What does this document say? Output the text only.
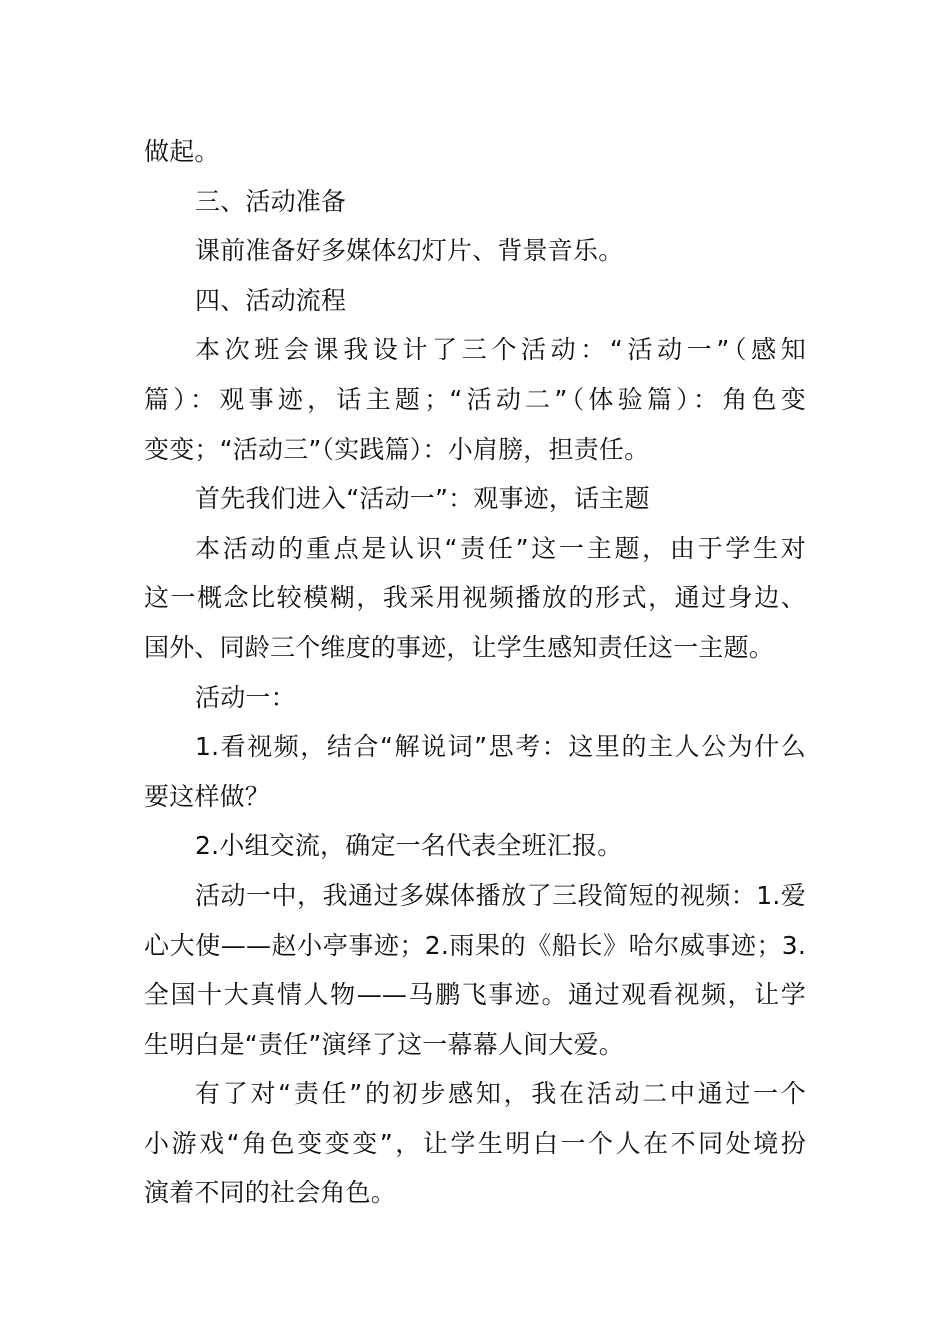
做起。
三、活动准备
课前准备好多媒体幻灯片、背景音乐。
四、活动流程
本次班会课我设计了三个活动：“活动一”（感知
篇）：观事迹，话主题；“活动二”（体验篇）：角色变
变变；“活动三”（实践篇）：小肩膀，担责任。
首先我们进入“活动一”：观事迹，话主题
本活动的重点是认识“责任”这一主题，由于学生对
这一概念比较模糊，我采用视频播放的形式，通过身边、
国外、同龄三个维度的事迹，让学生感知责任这一主题。
活动一：
1.看视频，结合“解说词”思考：这里的主人公为什么
要这样做？
2.小组交流，确定一名代表全班汇报。
活动一中，我通过多媒体播放了三段简短的视频：1.爱
心大使——赵小亭事迹；2.雨果的《船长》哈尔威事迹；3.
全国十大真情人物——马鹏飞事迹。通过观看视频，让学
生明白是“责任”演绎了这一幕幕人间大爱。
有了对“责任”的初步感知，我在活动二中通过一个
小游戏“角色变变变”，让学生明白一个人在不同处境扮
演着不同的社会角色。
